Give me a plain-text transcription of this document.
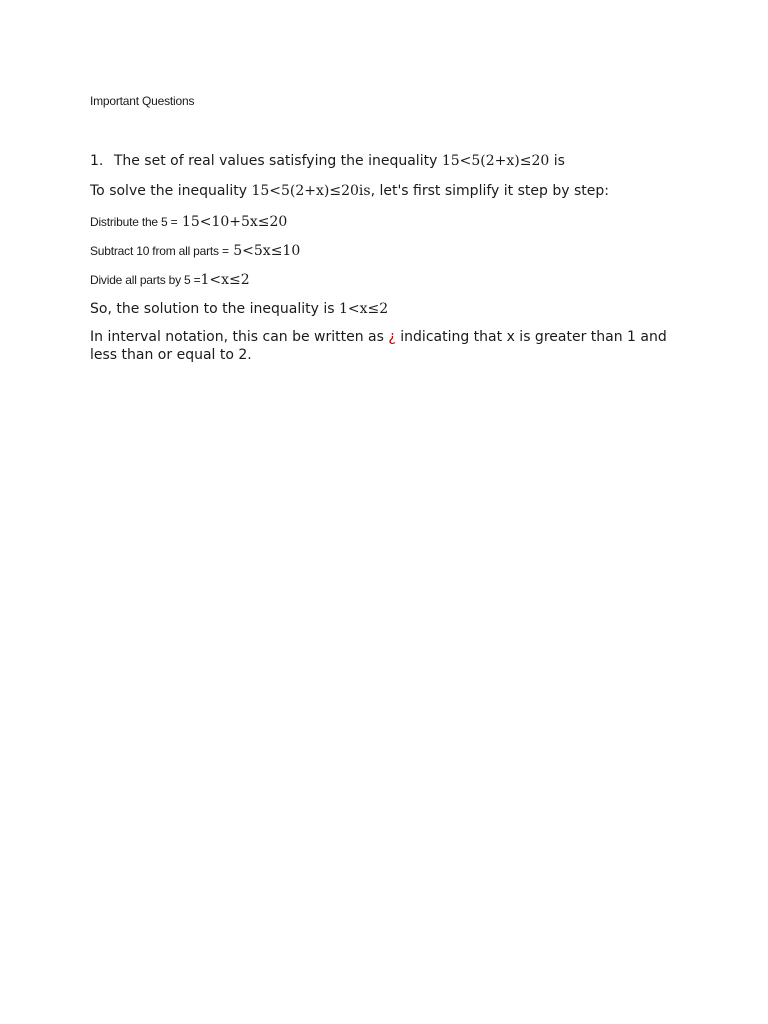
Important Questions
1. The set of real values satisfying the inequality 15<5(2+x)≤20 is
To solve the inequality 15<5(2+x)≤20is, let's first simplify it step by step:
Distribute the 5 = 15<10+5x≤20
Subtract 10 from all parts = 5<5x≤10
Divide all parts by 5 =1<x≤2
So, the solution to the inequality is 1<x≤2
In interval notation, this can be written as ¿ indicating that x is greater than 1 and less than or equal to 2.
